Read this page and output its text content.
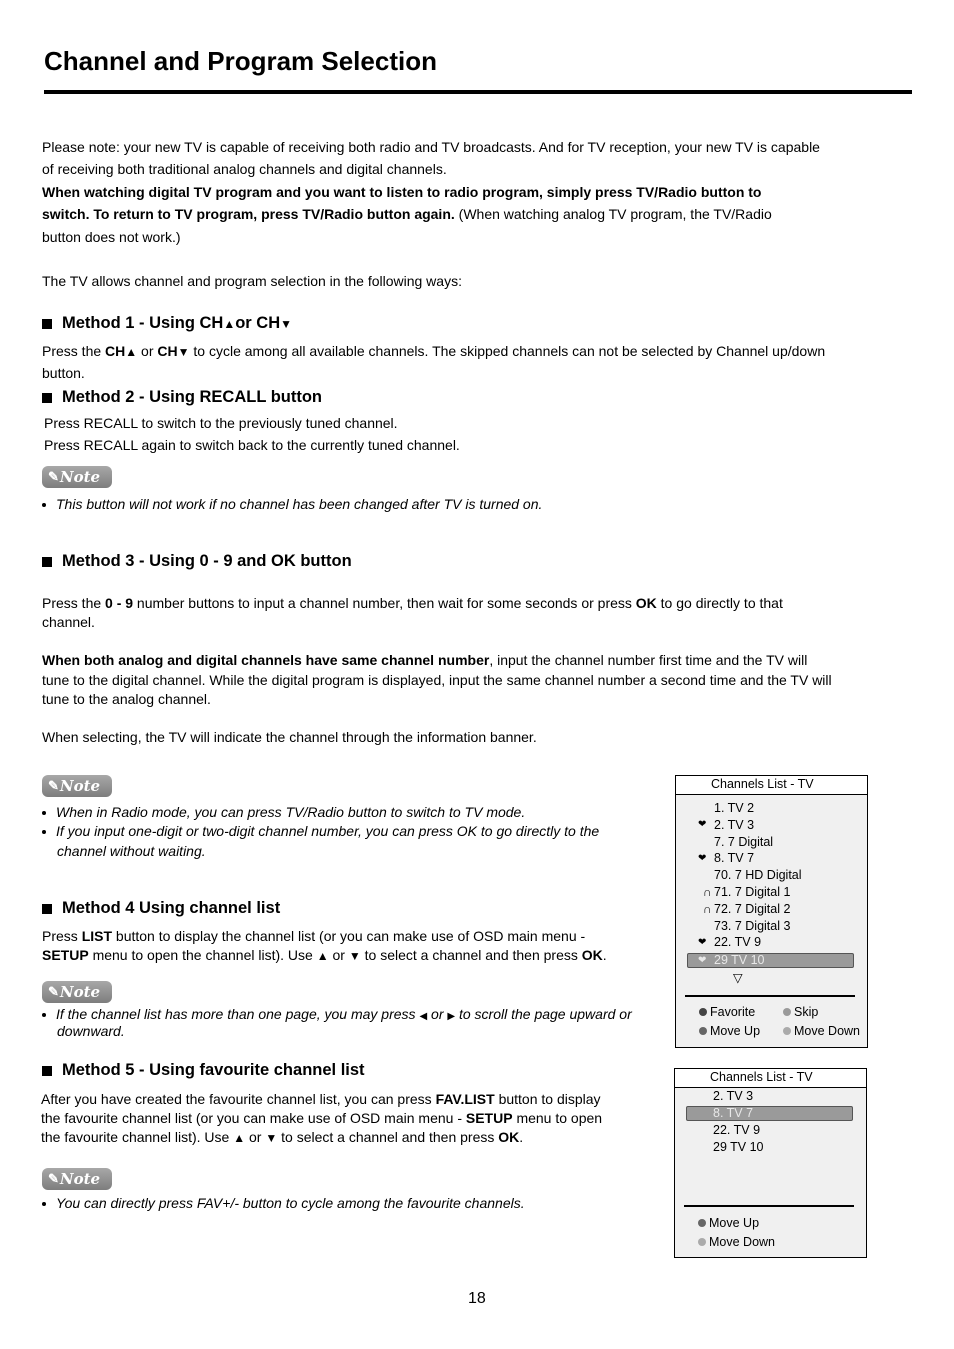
Channel and Program Selection
Please note: your new TV is capable of receiving both radio and TV broadcasts. And for TV reception, your new TV is capable
of receiving both traditional analog channels and digital channels.
When watching digital TV program and you want to listen to radio program, simply press TV/Radio button to
switch. To return to TV program, press TV/Radio button again. (When watching analog TV program, the TV/Radio
button does not work.)
The TV allows channel and program selection in the following ways:
Method 1 - Using CH ▲ or CH ▼
Press the CH▲ or CH▼ to cycle among all available channels. The skipped channels can not be selected by Channel up/down
button.
Method 2 - Using RECALL button
Press RECALL to switch to the previously tuned channel.
Press RECALL again to switch back to the currently tuned channel.
✎ Note
This button will not work if no channel has been changed after TV is turned on.
Method 3 - Using 0 - 9 and OK button
Press the 0 - 9 number buttons to input a channel number, then wait for some seconds or press OK to go directly to that
channel.
When both analog and digital channels have same channel number, input the channel number first time and the TV will
tune to the digital channel. While the digital program is displayed, input the same channel number a second time and the TV will
tune to the analog channel.
When selecting, the TV will indicate the channel through the information banner.
✎ Note
When in Radio mode, you can press TV/Radio button to switch to TV mode.
If you input one-digit or two-digit channel number, you can press OK to go directly to the
channel without waiting.
Method 4 Using channel list
Press LIST button to display the channel list (or you can make use of OSD main menu -
SETUP menu to open the channel list). Use ▲ or ▼ to select a channel and then press OK.
✎ Note
If the channel list has more than one page, you may press ◀ or ▶ to scroll the page upward or
downward.
Method 5 - Using favourite channel list
After you have created the favourite channel list, you can press FAV.LIST button to display
the favourite channel list (or you can make use of OSD main menu - SETUP menu to open
the favourite channel list). Use ▲ or ▼ to select a channel and then press OK.
✎ Note
You can directly press FAV+/- button to cycle among the favourite channels.
Channels List - TV
1. TV 2
❤ 2. TV 3
7. 7 Digital
❤ 8. TV 7
70. 7 HD Digital
∩ 71. 7 Digital 1
∩ 72. 7 Digital 2
73. 7 Digital 3
❤ 22. TV 9
❤ 29 TV 10
▽
Favorite	Skip
Move Up	Move Down
Channels List - TV
2. TV 3
8. TV 7
22. TV 9
29 TV 10
Move Up
Move Down
18
